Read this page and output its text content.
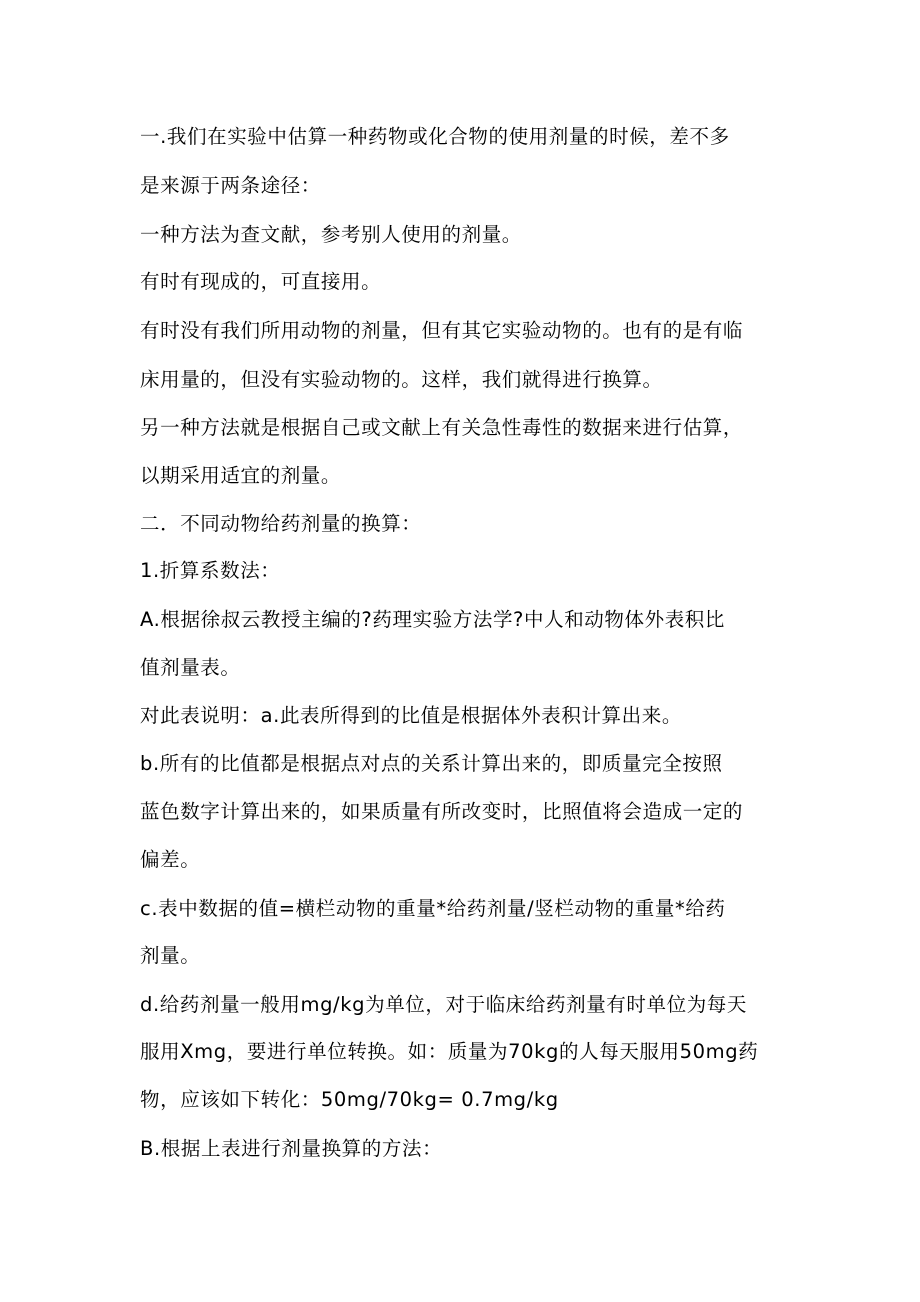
一.我们在实验中估算一种药物或化合物的使用剂量的时候，差不多
是来源于两条途径：
一种方法为查文献，参考别人使用的剂量。
有时有现成的，可直接用。
有时没有我们所用动物的剂量，但有其它实验动物的。也有的是有临
床用量的，但没有实验动物的。这样，我们就得进行换算。
另一种方法就是根据自己或文献上有关急性毒性的数据来进行估算，
以期采用适宜的剂量。
二．不同动物给药剂量的换算：
1.折算系数法：
A.根据徐叔云教授主编的?药理实验方法学?中人和动物体外表积比
值剂量表。
对此表说明：a.此表所得到的比值是根据体外表积计算出来。
b.所有的比值都是根据点对点的关系计算出来的，即质量完全按照
蓝色数字计算出来的，如果质量有所改变时，比照值将会造成一定的
偏差。
c.表中数据的值=横栏动物的重量*给药剂量/竖栏动物的重量*给药
剂量。
d.给药剂量一般用mg/kg为单位，对于临床给药剂量有时单位为每天
服用Xmg，要进行单位转换。如：质量为70kg的人每天服用50mg药
物，应该如下转化：50mg/70kg= 0.7mg/kg
B.根据上表进行剂量换算的方法：
